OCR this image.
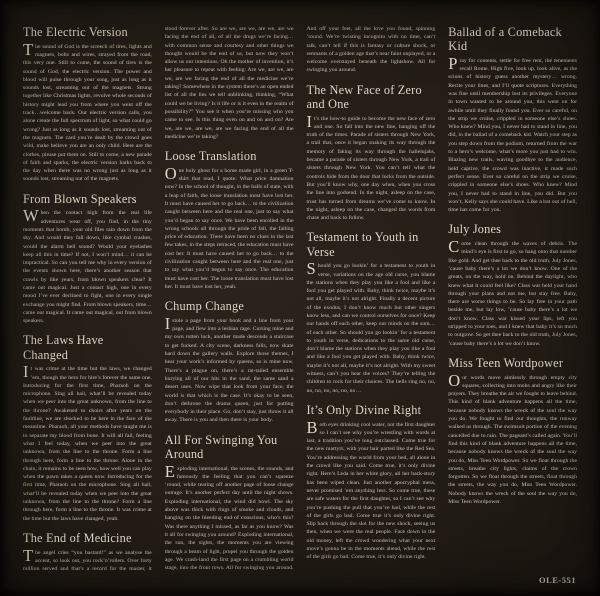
The Electric Version

The sound of God is the screech of tires, lights and magnets, bolts and wires, strayed from the road, this very one. Still to come, the sound of tires is the sound of God, the electric version. The power and blood will pulse through your song, just as long as it sounds lost, streaming out of the magnets. Strung together like Christmas lights, revolve whole seconds of history might lead you from where you went off the track…welcome back. Our electric version calls, you alone create the full spectrum of light, so what could go wrong? Just as long as it sounds lost, streaming out of the magnets. The card you’re dealt by the crowd goes wild, make believe you are an only child. Here are the clothes, please put them on. Still to come, a new parade of faith and sparks, the electric version harks back to the day when there was no wrong just as long as it sounds lost, streaming out of the magnets.

From Blown Speakers

When the contact high from the real life adventures wear off, you find, in the tiny moments that bomb, your old files rain down from the sky. And would they fall down, like cymbal crashes, would the alarm bell sound? Would your eyelashes keep all this in time? If not, I won’t mind… it can be impractical. So can you tell me why in every version of the events shown here, there’s another season that crawls by like years, from blown speakers clear? It came out magical. Just a contact high, one in every mood I’ve ever declined to fight, one in every single exchange you might find. From blown speakers, time… came out magical. It came out magical, out from blown speakers.

The Laws Have Changed

It was crime at the time but the laws, we changed ’em, though the hero for hire’s forever the same one. Introducing for the first time, Pharaoh on the microphone. Sing all hail, what’ll be revealed today when we peer into the great unknown, from the line to the throne? Awakened to choirs after years on the faultline, we are shocked to be here in the face of the meantime. Pharaoh, all your methods have taught me is to separate my blood from bone. It will all fail, feeling what I feel today, when we peer into the great unknown, from the line to the throne. Form a line through here, form a line to the throne. Alone in the chain, it remains to be seen how, how well you can play when the pawn takes a queen now. Introducing for the first time, Pharaoh on the microphone. Sing all hail, what’ll be revealed today when we peer into the great unknown, from the line to the throne? Form a line through here, form a line to the throne. It was crime at the time but the laws have changed, yeah.

The End of Medicine

The angel cries “you bastard!” as we analyse the accent, so look out, you rock’n’rollers. Over forty million served and that’s a record for the master, it stood forever after. So are we, are we, are we, are we facing the end of all, of all the drugs we’re facing… with common sense and courtesy and other things we thought would be the end of us, but now they won’t allow us our intentions. Oh the mother of invention, it’s her pleasure to repeat with feeling: Are we, are we, are we, are we facing the end of all the medicine we’re taking? Somewhere in the system there’s an open ended list of all the lies we tell unblinking, thinking, “What could we be living? Is it life or is it even in the realm of possibility?” You see it when you’re missing who you came to see. Is this thing even on and on and on? Are we, are we, are we, are we facing the end of all the medicine we’re taking?

Loose Translation

One holy ghost for a home made girl, in a green T-shirt that read, I quote: What price damnation now? In the school of thought, in the halls of state, with a leap of faith, the loose translation must have lost her. It must have caused her to go back… to the civilization caught between here and the real one, just to say what you’d began to say once. We have been enrolled in the wrong schools all through the pride of fall, the falling price of education. There have been no clues in the last few takes, in the steps retraced, the education must have cost her. It must have caused her to go back… to the civilization caught between here and the real one, just to say what you’d begun to say once. The education must have cost her. The loose translation must have lost her. It must have lost her, yeah.

Chump Change

Istole a page from your book and a line from your page, and flew into a lesbian rage. Cursing mine and my own rotten luck, another made descends a staircase to get fucked. A city scene, darkness falls, now skate hard down the gallery walls. Explore those themes, I hear your work’s informed by queens, so is mine now. There’s a plague on, there’s a rat-tailed ensemble burying all of our hits in the sand, the same sand a desert uses. Now wipe that look from your face, the world is that which is the case. It’s okay to be seen, don’t dethrone the drama queen, just for putting everybody in their place. Go, don’t stay, just throw it all away. There is you and then there is your body.

All For Swinging You Around

Exploding international, the scenes, the sounds, and famously the feeling that you can’t squeeze ’round, while tearing off another page of loose change outrage. It’s another perfect day until the night shows. Exploding international, the wind did howl. The sky above was thick with rings of smoke and clouds, and hanging on the bleeding end of conscious, who’s this? Was there anything I missed, as far as you know? Was it all for swinging you around? Exploding international, the sun, the sights, the moments you are viewing through a beam of light, propel you through the golden age. We crash-land the first page on a crumbling world stage, into the front rows. All for swinging you around. And off your feet, all the love you found, spinning ’round. We’re twisting incognito with no time, can’t talk, can’t tell if this is fantasy or culture shock, or remnants of a golden age that’s near faint unplayed, or a welcome overstayed beneath the lightshow. All for swinging you around.

The New Face of Zero and One

It’s the how-to guide to become the new face of zero and one. So fall into the new line, hanging off the truth of the times. Parade of sisters through New York, a trail that, once it began snaking its way through the memory of faking its way through the hallelujahs, became a parade of sisters through New York, a trail of sisters through New York. You can’t tell what the controls hide from the door that locks from the outside. But you’ll know why, one day when, when you cross the line into godsend. In the night, asleep on the case, trust has turned from dreams we’ve come to know. In the night, asleep on the case, changed the words from chase and back to follow.

Testament to Youth in Verse

Should you go lookin’ for a testament to youth in verse, variations on the age old curse, you blame the stations when they play you like a fool and like a fool you get played with. Baby, think twice, maybe it’s not all, maybe it’s not alright. Finally a decent picture of the exodus, I don’t know much but other singers know less, and can we control ourselves for once? Keep our hands off each other, keep our minds on the sum… of each other. So should you go lookin’ for a testament to youth in verse, dedications to the same old curse, don’t blame the stations when they play you like a fool and like a fool you get played with. Baby, think twice, maybe it’s not all, maybe it’s not alright. With my sweet witness, can’t you hear the voices? They’re telling the children to rock for their choices. The bells ring no, no, no, no, no, no, no, no…

It’s Only Divine Right

Both eyes drinking cool water, not the first daughter so I can’t see why you’re wrestling with words at last, a tradition you’ve long outclassed. Come true for the new martyrs, with your hair parted like the Red Sea. You’re addressing the world from your bed, all alone in the crowd like you said. Come true, it’s only divine right. Here’s Leda in her white glory, all her back-story has been wiped clean. Just another apocryphal mess, never promised ’em anything less. So come true, these are safe waters for the first daughter, so I can’t see why you’re pushing the pull that you’ve had, while the rest of the girls go bad. Come true it’s only divine right. Slip back through the slot for the new shock, seeing us then, when we were the real people. Face down in the old money, left the crowd wondering what your next move’s gonna be in the moments ahead, while the rest of the girls go bad. Come true, it’s only divine right.

Ballad of a Comeback Kid

Pray for contents, settle for free rent, the tenements recall Rome. High five, look up, look alive, as the scions of history guess another mystery… wrong. Recite your lines, and I’ll quote scriptures. Everything was fine until membership lost its privileges. Everyone in town wanted to be around you, this went on for awhile until they finally found you. Ever so careful, on the strip we cruise, crippled in someone else’s shoes. Who knew? Mind you, I never had to stand in line, you did, in the ballad of a comeback kid. Watch your step as you step down from the podium, returned from the war to a hero’s welcome, what’s more you just had to win. Blazing new trails, waving goodbye to the audience, held captive, the crowd was inactive, it made such perfect sense. Ever so careful on the strip we cruise, crippled in someone else’s shoes. Who knew? Mind you, I never had to stand in line, you did. But you won’t, Kelly says she could have. Like a bat out of hell, time has come for you.

July Jones

Come clean through the waves of debris. The mind’s eye is first to go, so hang onto that number like gold. And get thee back to the old truth, July Jones, ’cause baby there’s a lot we don’t know. One of the greats, on the way, hold on. Behind the daylight, who knew what it could feel like? Class war held your hand through your plans and not me, but stay free. Baby, there are worse things to be. So lay free in your path beside me, but lay low, ’cause baby there’s a lot we don’t know. Class war kissed your lips, left you stripped to your toes, and I knew that baby it’s so much to outgrow. So get thee back to the old truth, July Jones, ’cause baby there’s a lot we don’t know.

Miss Teen Wordpower

Our words move aimlessly through empty city squares, collecting into mobs and angry like their prayers. They breathe the air we fought to leave behind. This kind of blank adventure happens all the time, because nobody knows the wreck of the soul the way you do. We fought to find our thoughts, the runway walked us through. The swimsuit portion of the evening cancelled due to rain. The pageant’s called again. You’ll find this kind of blank adventure happens all the time, because nobody knows the wreck of the soul the way you do, Miss Teen Wordpower. So we float through the streets, breathe city lights, claims of the crown forgotten. So we float through the streets, float through the streets, the way you do, Miss Teen Wordpower. Nobody knows the wreck of the soul the way you do, Miss Teen Wordpower.

OLE-551
